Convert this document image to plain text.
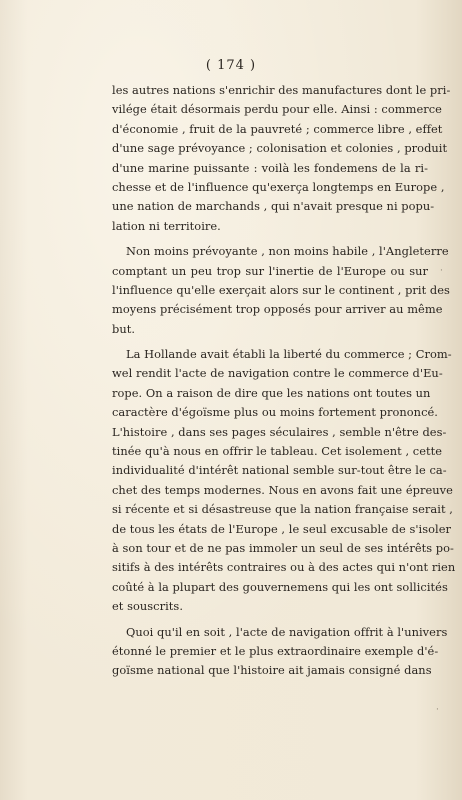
( 174 )
les autres nations s'enrichir des manufactures dont le pri-
vilége était désormais perdu pour elle. Ainsi : commerce
d'économie , fruit de la pauvreté ; commerce libre , effet
d'une sage prévoyance ; colonisation et colonies , produit
d'une marine puissante : voilà les fondemens de la ri-
chesse et de l'influence qu'exerça longtemps en Europe ,
une nation de marchands , qui n'avait presque ni popu-
lation ni territoire.
Non moins prévoyante , non moins habile , l'Angleterre
comptant un peu trop sur l'inertie de l'Europe ou sur
l'influence qu'elle exerçait alors sur le continent , prit des
moyens précisément trop opposés pour arriver au même
but.
La Hollande avait établi la liberté du commerce ; Crom-
wel rendit l'acte de navigation contre le commerce d'Eu-
rope. On a raison de dire que les nations ont toutes un
caractère d'égoïsme plus ou moins fortement prononcé.
L'histoire , dans ses pages séculaires , semble n'être des-
tinée qu'à nous en offrir le tableau. Cet isolement , cette
individualité d'intérêt national semble sur-tout être le ca-
chet des temps modernes. Nous en avons fait une épreuve
si récente et si désastreuse que la nation française serait ,
de tous les états de l'Europe , le seul excusable de s'isoler
à son tour et de ne pas immoler un seul de ses intérêts po-
sitifs à des intérêts contraires ou à des actes qui n'ont rien
coûté à la plupart des gouvernemens qui les ont sollicités
et souscrits.
Quoi qu'il en soit , l'acte de navigation offrit à l'univers
étonné le premier et le plus extraordinaire exemple d'é-
goïsme national que l'histoire ait jamais consigné dans
·
·
